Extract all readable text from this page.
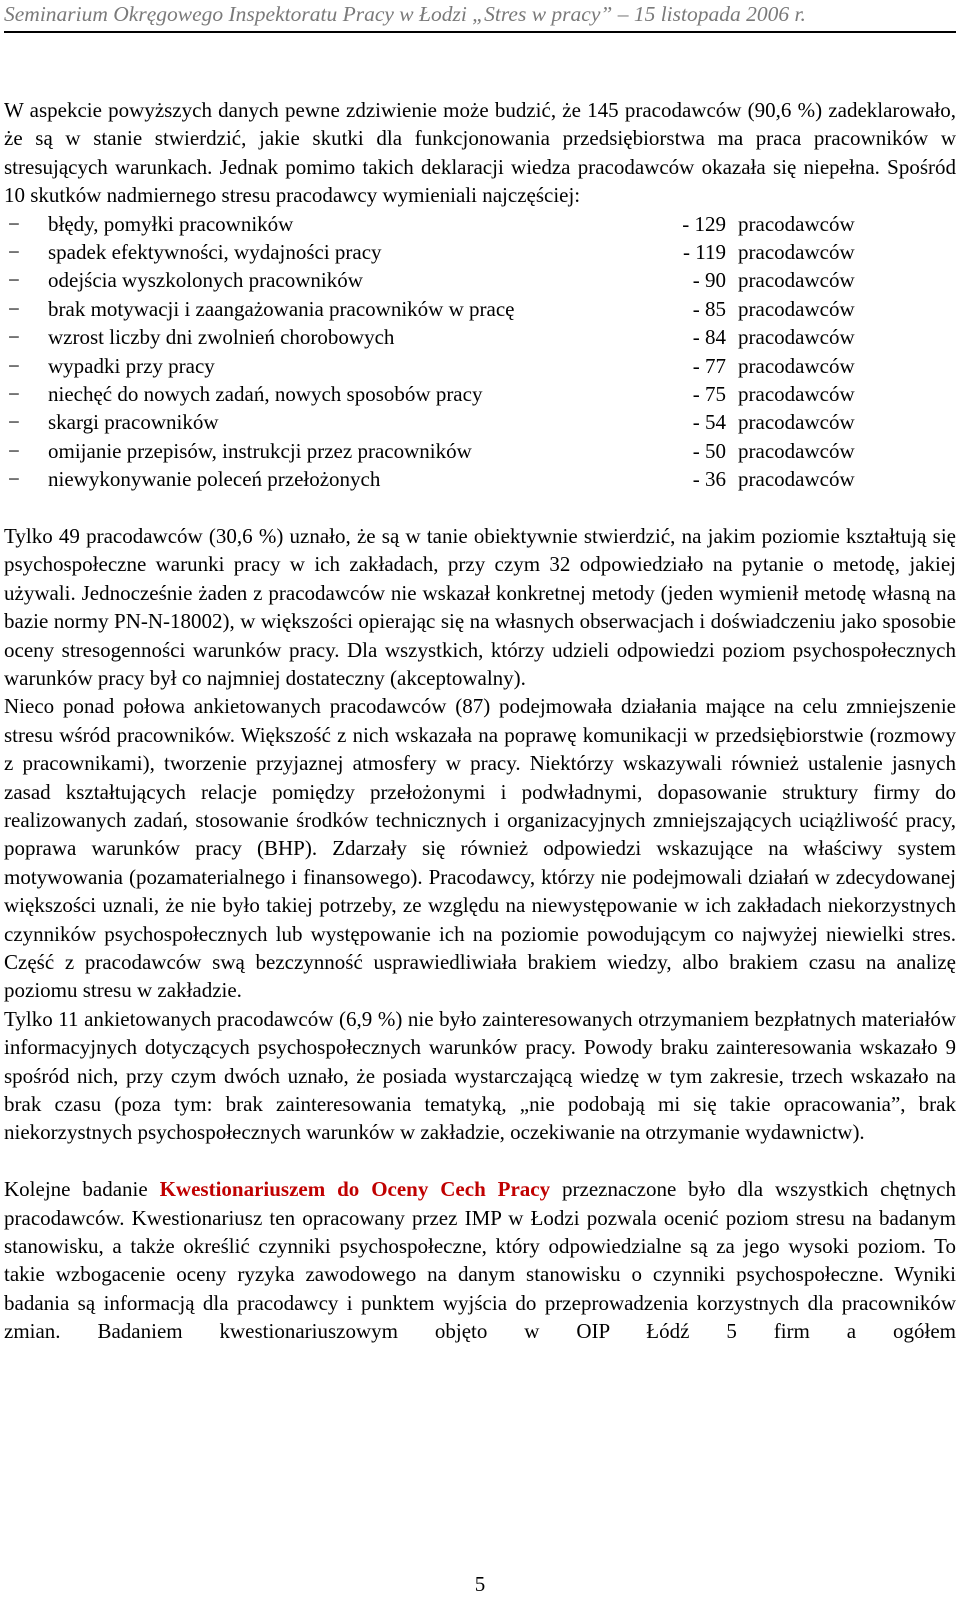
Seminarium Okręgowego Inspektoratu Pracy w Łodzi „Stres w pracy” – 15 listopada 2006 r.

W aspekcie powyższych danych pewne zdziwienie może budzić, że 145 pracodawców (90,6 %) zadeklarowało, że są w stanie stwierdzić, jakie skutki dla funkcjonowania przedsiębiorstwa ma praca pracowników w stresujących warunkach. Jednak pomimo takich deklaracji wiedza pracodawców okazała się niepełna. Spośród 10 skutków nadmiernego stresu pracodawcy wymieniali najczęściej:

−	błędy, pomyłki pracowników	- 129 pracodawców
−	spadek efektywności, wydajności pracy	- 119 pracodawców
−	odejścia wyszkolonych pracowników	- 90 pracodawców
−	brak motywacji i zaangażowania pracowników w pracę	- 85 pracodawców
−	wzrost liczby dni zwolnień chorobowych	- 84 pracodawców
−	wypadki przy pracy	- 77 pracodawców
−	niechęć do nowych zadań, nowych sposobów pracy	- 75 pracodawców
−	skargi pracowników	- 54 pracodawców
−	omijanie przepisów, instrukcji przez pracowników	- 50 pracodawców
−	niewykonywanie poleceń przełożonych	- 36 pracodawców

Tylko 49 pracodawców (30,6 %) uznało, że są w tanie obiektywnie stwierdzić, na jakim poziomie kształtują się psychospołeczne warunki pracy w ich zakładach, przy czym 32 odpowiedziało na pytanie o metodę, jakiej używali. Jednocześnie żaden z pracodawców nie wskazał konkretnej metody (jeden wymienił metodę własną na bazie normy PN-N-18002), w większości opierając się na własnych obserwacjach i doświadczeniu jako sposobie oceny stresogenności warunków pracy. Dla wszystkich, którzy udzieli odpowiedzi poziom psychospołecznych warunków pracy był co najmniej dostateczny (akceptowalny).

Nieco ponad połowa ankietowanych pracodawców (87) podejmowała działania mające na celu zmniejszenie stresu wśród pracowników. Większość z nich wskazała na poprawę komunikacji w przedsiębiorstwie (rozmowy z pracownikami), tworzenie przyjaznej atmosfery w pracy. Niektórzy wskazywali również ustalenie jasnych zasad kształtujących relacje pomiędzy przełożonymi i podwładnymi, dopasowanie struktury firmy do realizowanych zadań, stosowanie środków technicznych i organizacyjnych zmniejszających uciążliwość pracy, poprawa warunków pracy (BHP). Zdarzały się również odpowiedzi wskazujące na właściwy system motywowania (pozamaterialnego i finansowego). Pracodawcy, którzy nie podejmowali działań w zdecydowanej większości uznali, że nie było takiej potrzeby, ze względu na niewystępowanie w ich zakładach niekorzystnych czynników psychospołecznych lub występowanie ich na poziomie powodującym co najwyżej niewielki stres. Część z pracodawców swą bezczynność usprawiedliwiała brakiem wiedzy, albo brakiem czasu na analizę poziomu stresu w zakładzie.

Tylko 11 ankietowanych pracodawców (6,9 %) nie było zainteresowanych otrzymaniem bezpłatnych materiałów informacyjnych dotyczących psychospołecznych warunków pracy. Powody braku zainteresowania wskazało 9 spośród nich, przy czym dwóch uznało, że posiada wystarczającą wiedzę w tym zakresie, trzech wskazało na brak czasu (poza tym: brak zainteresowania tematyką, „nie podobają mi się takie opracowania”, brak niekorzystnych psychospołecznych warunków w zakładzie, oczekiwanie na otrzymanie wydawnictw).

Kolejne badanie Kwestionariuszem do Oceny Cech Pracy przeznaczone było dla wszystkich chętnych pracodawców. Kwestionariusz ten opracowany przez IMP w Łodzi pozwala ocenić poziom stresu na badanym stanowisku, a także określić czynniki psychospołeczne, który odpowiedzialne są za jego wysoki poziom. To takie wzbogacenie oceny ryzyka zawodowego na danym stanowisku o czynniki psychospołeczne. Wyniki badania są informacją dla pracodawcy i punktem wyjścia do przeprowadzenia korzystnych dla pracowników zmian. Badaniem kwestionariuszowym objęto w OIP Łódź 5 firm a ogółem

5
